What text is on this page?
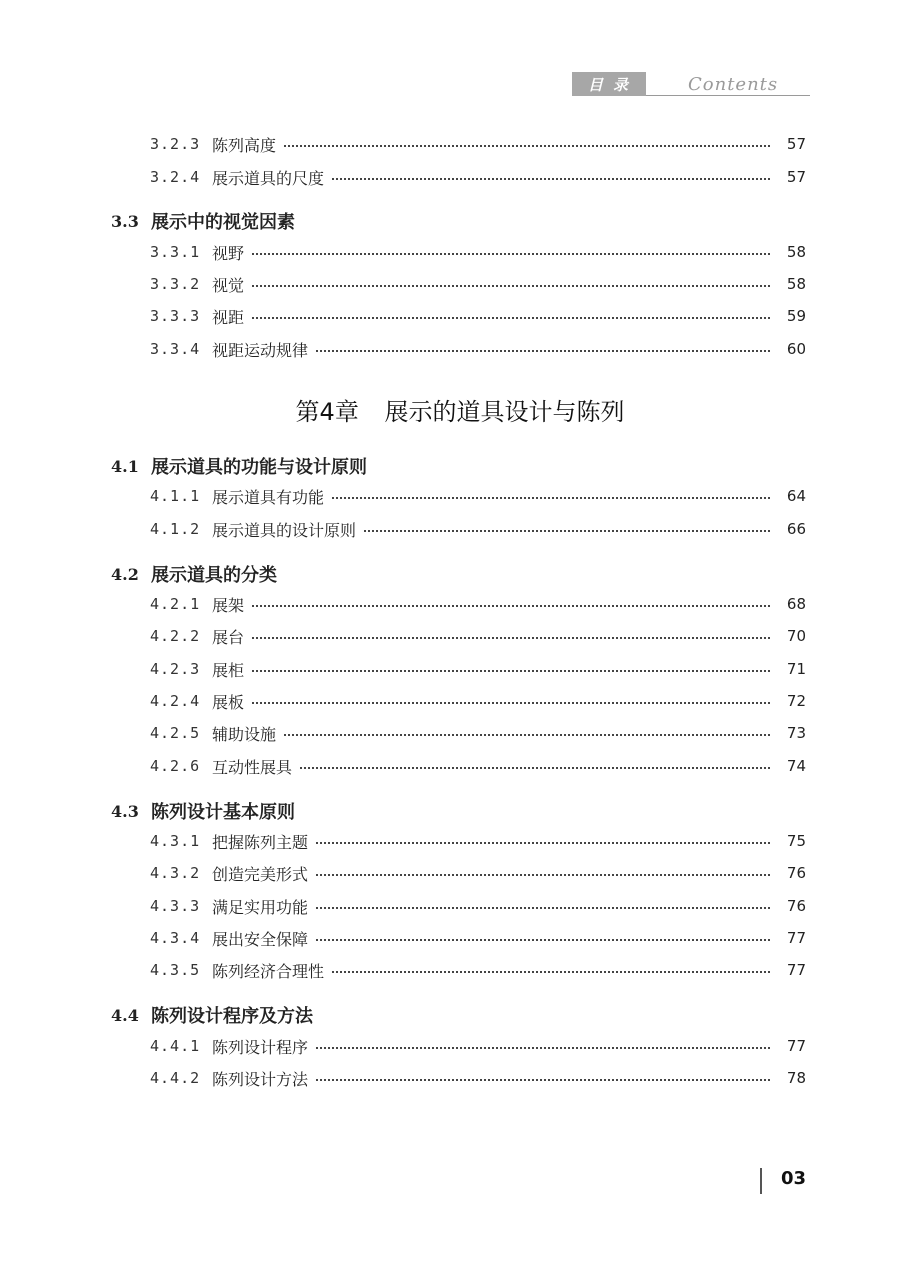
目录	Contents
3.2.3 陈列高度	57
3.2.4 展示道具的尺度	57
3.3 展示中的视觉因素
3.3.1 视野	58
3.3.2 视觉	58
3.3.3 视距	59
3.3.4 视距运动规律	60
第4章 展示的道具设计与陈列
4.1 展示道具的功能与设计原则
4.1.1 展示道具有功能	64
4.1.2 展示道具的设计原则	66
4.2 展示道具的分类
4.2.1 展架	68
4.2.2 展台	70
4.2.3 展柜	71
4.2.4 展板	72
4.2.5 辅助设施	73
4.2.6 互动性展具	74
4.3 陈列设计基本原则
4.3.1 把握陈列主题	75
4.3.2 创造完美形式	76
4.3.3 满足实用功能	76
4.3.4 展出安全保障	77
4.3.5 陈列经济合理性	77
4.4 陈列设计程序及方法
4.4.1 陈列设计程序	77
4.4.2 陈列设计方法	78
03
